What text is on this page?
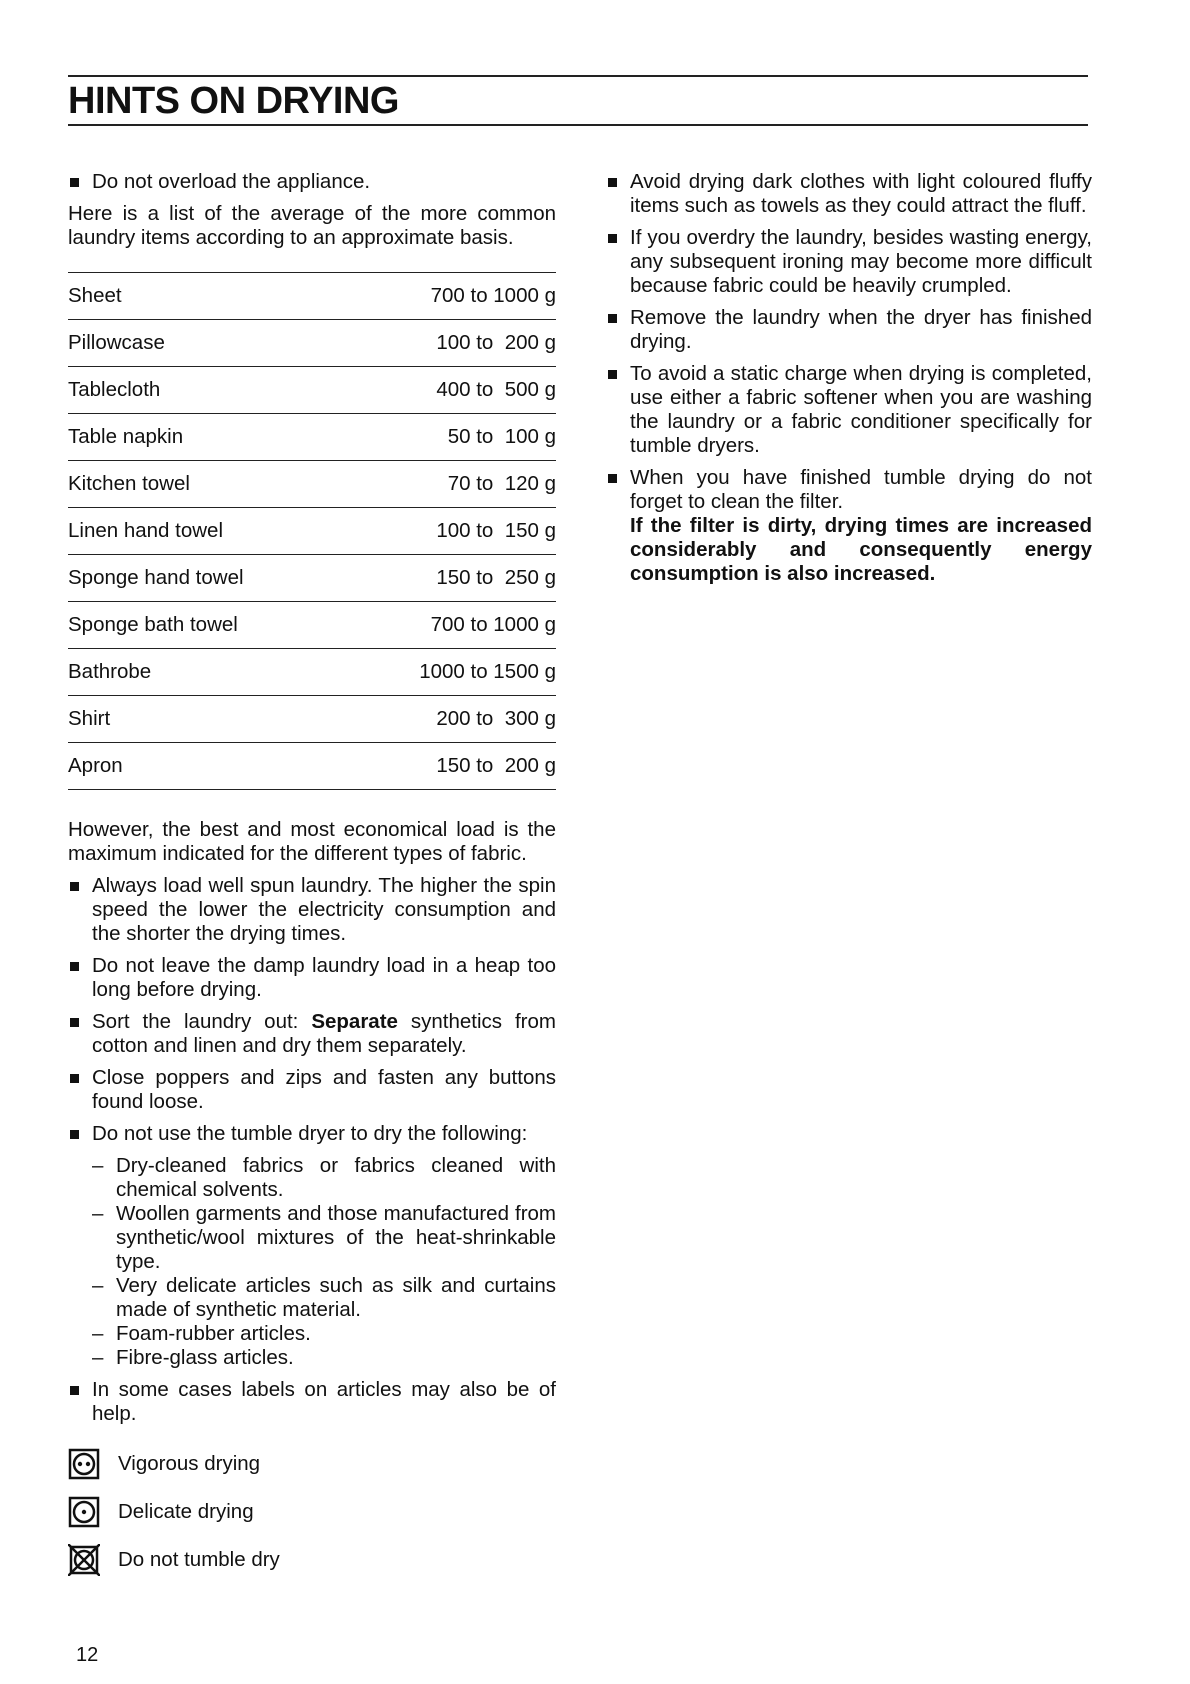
HINTS ON DRYING
Do not overload the appliance.

Here is a list of the average of the more common laundry items according to an approximate basis.

Sheet	700 to 1000 g
Pillowcase	100 to  200 g
Tablecloth	400 to  500 g
Table napkin	50 to  100 g
Kitchen towel	70 to  120 g
Linen hand towel	100 to  150 g
Sponge hand towel	150 to  250 g
Sponge bath towel	700 to 1000 g
Bathrobe	1000 to 1500 g
Shirt	200 to  300 g
Apron	150 to  200 g

However, the best and most economical load is the maximum indicated for the different types of fabric.

Always load well spun laundry. The higher the spin speed the lower the electricity consumption and the shorter the drying times.
Do not leave the damp laundry load in a heap too long before drying.
Sort the laundry out: Separate synthetics from cotton and linen and dry them separately.
Close poppers and zips and fasten any buttons found loose.
Do not use the tumble dryer to dry the following:
– Dry-cleaned fabrics or fabrics cleaned with chemical solvents.
– Woollen garments and those manufactured from synthetic/wool mixtures of the heat-shrinkable type.
– Very delicate articles such as silk and curtains made of synthetic material.
– Foam-rubber articles.
– Fibre-glass articles.
In some cases labels on articles may also be of help.
Vigorous drying
Delicate drying
Do not tumble dry
Avoid drying dark clothes with light coloured fluffy items such as towels as they could attract the fluff.
If you overdry the laundry, besides wasting energy, any subsequent ironing may become more difficult because fabric could be heavily crumpled.
Remove the laundry when the dryer has finished drying.
To avoid a static charge when drying is completed, use either a fabric softener when you are washing the laundry or a fabric conditioner specifically for tumble dryers.
When you have finished tumble drying do not forget to clean the filter.
If the filter is dirty, drying times are increased considerably and consequently energy consumption is also increased.
12
